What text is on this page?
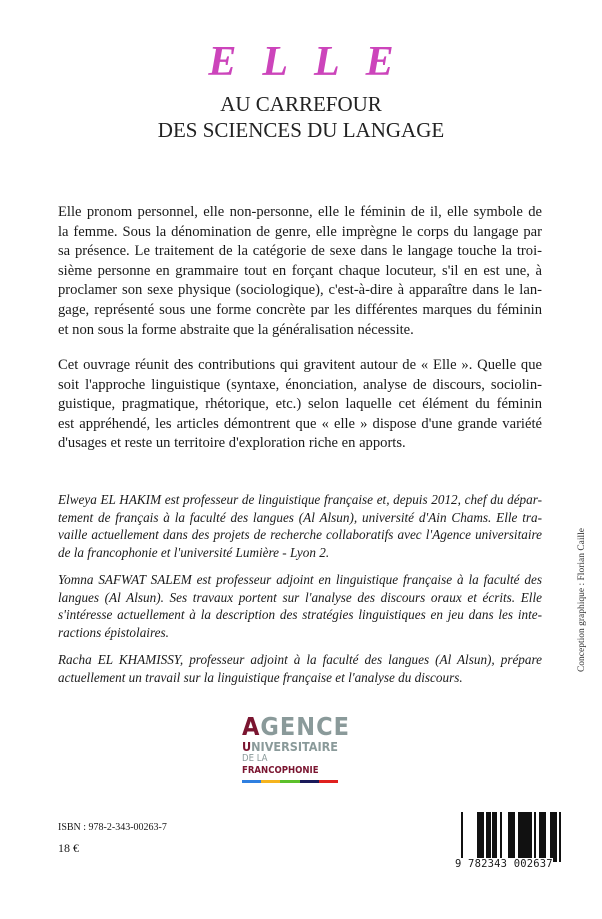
ELLE
AU CARREFOUR
DES SCIENCES DU LANGAGE
Elle pronom personnel, elle non-personne, elle le féminin de il, elle symbole de
la femme. Sous la dénomination de genre, elle imprègne le corps du langage par
sa présence. Le traitement de la catégorie de sexe dans le langage touche la troi-
sième personne en grammaire tout en forçant chaque locuteur, s'il en est une, à
proclamer son sexe physique (sociologique), c'est-à-dire à apparaître dans le lan-
gage, représenté sous une forme concrète par les différentes marques du féminin
et non sous la forme abstraite que la généralisation nécessite.
Cet ouvrage réunit des contributions qui gravitent autour de « Elle ». Quelle que
soit l'approche linguistique (syntaxe, énonciation, analyse de discours, sociolin-
guistique, pragmatique, rhétorique, etc.) selon laquelle cet élément du féminin
est appréhendé, les articles démontrent que « elle » dispose d'une grande variété
d'usages et reste un territoire d'exploration riche en apports.
Elweya EL HAKIM est professeur de linguistique française et, depuis 2012, chef du dépar-
tement de français à la faculté des langues (Al Alsun), université d'Ain Chams. Elle tra-
vaille actuellement dans des projets de recherche collaboratifs avec l'Agence universitaire
de la francophonie et l'université Lumière - Lyon 2.
Yomna SAFWAT SALEM est professeur adjoint en linguistique française à la faculté des
langues (Al Alsun). Ses travaux portent sur l'analyse des discours oraux et écrits. Elle
s'intéresse actuellement à la description des stratégies linguistiques en jeu dans les inte-
ractions épistolaires.
Racha EL KHAMISSY, professeur adjoint à la faculté des langues (Al Alsun), prépare
actuellement un travail sur la linguistique française et l'analyse du discours.
AGENCE
UNIVERSITAIRE
DE LA FRANCOPHONIE
ISBN : 978-2-343-00263-7
18 €
9 782343 002637
Conception graphique : Florian Caille
